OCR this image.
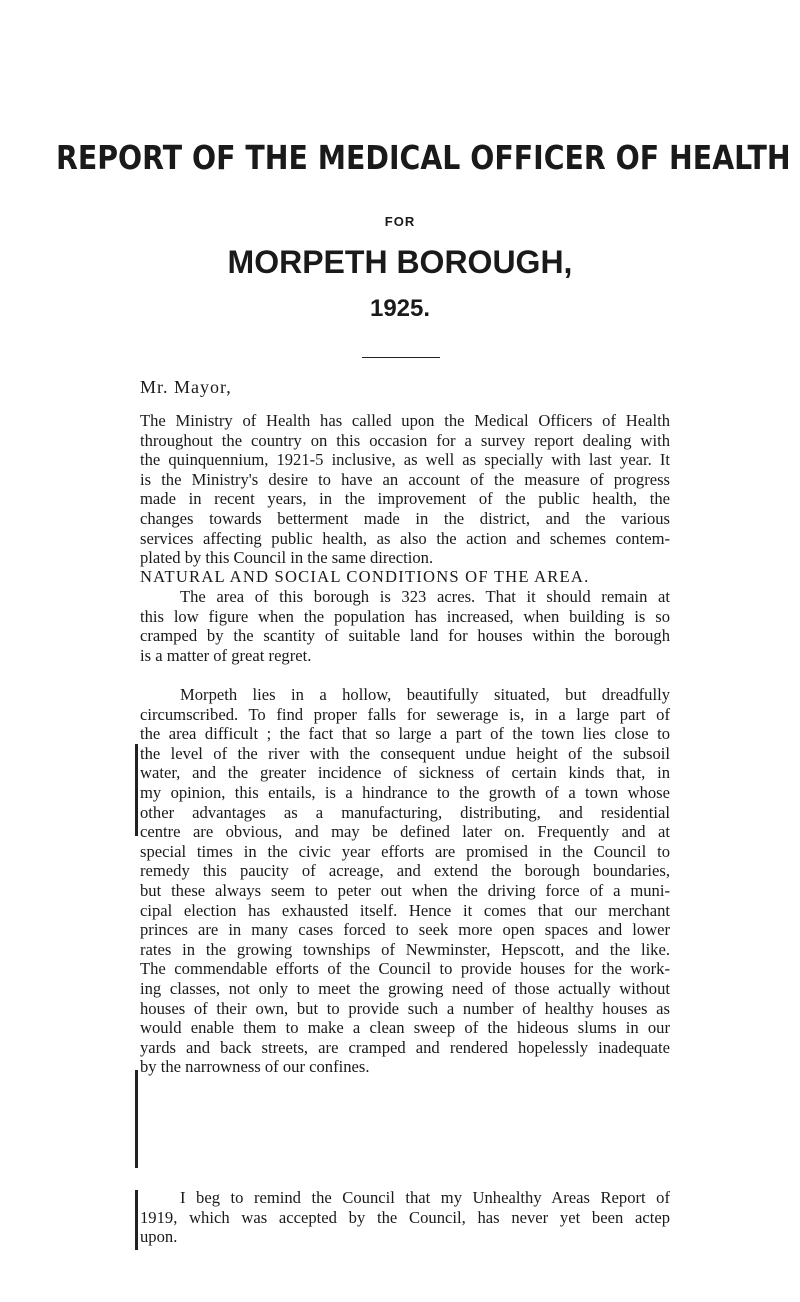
REPORT OF THE MEDICAL OFFICER OF HEALTH
FOR
MORPETH BOROUGH,
1925.
Mr. Mayor,
The Ministry of Health has called upon the Medical Officers of Health
throughout the country on this occasion for a survey report dealing with
the quinquennium, 1921-5 inclusive, as well as specially with last year. It
is the Ministry's desire to have an account of the measure of progress
made in recent years, in the improvement of the public health, the
changes towards betterment made in the district, and the various
services affecting public health, as also the action and schemes contem-
plated by this Council in the same direction.
NATURAL AND SOCIAL CONDITIONS OF THE AREA.
The area of this borough is 323 acres. That it should remain at
this low figure when the population has increased, when building is so
cramped by the scantity of suitable land for houses within the borough
is a matter of great regret.
Morpeth lies in a hollow, beautifully situated, but dreadfully
circumscribed. To find proper falls for sewerage is, in a large part of
the area difficult ; the fact that so large a part of the town lies close to
the level of the river with the consequent undue height of the subsoil
water, and the greater incidence of sickness of certain kinds that, in
my opinion, this entails, is a hindrance to the growth of a town whose
other advantages as a manufacturing, distributing, and residential
centre are obvious, and may be defined later on. Frequently and at
special times in the civic year efforts are promised in the Council to
remedy this paucity of acreage, and extend the borough boundaries,
but these always seem to peter out when the driving force of a muni-
cipal election has exhausted itself. Hence it comes that our merchant
princes are in many cases forced to seek more open spaces and lower
rates in the growing townships of Newminster, Hepscott, and the like.
The commendable efforts of the Council to provide houses for the work-
ing classes, not only to meet the growing need of those actually without
houses of their own, but to provide such a number of healthy houses as
would enable them to make a clean sweep of the hideous slums in our
yards and back streets, are cramped and rendered hopelessly inadequate
by the narrowness of our confines.
I beg to remind the Council that my Unhealthy Areas Report of
1919, which was accepted by the Council, has never yet been actep
upon.
